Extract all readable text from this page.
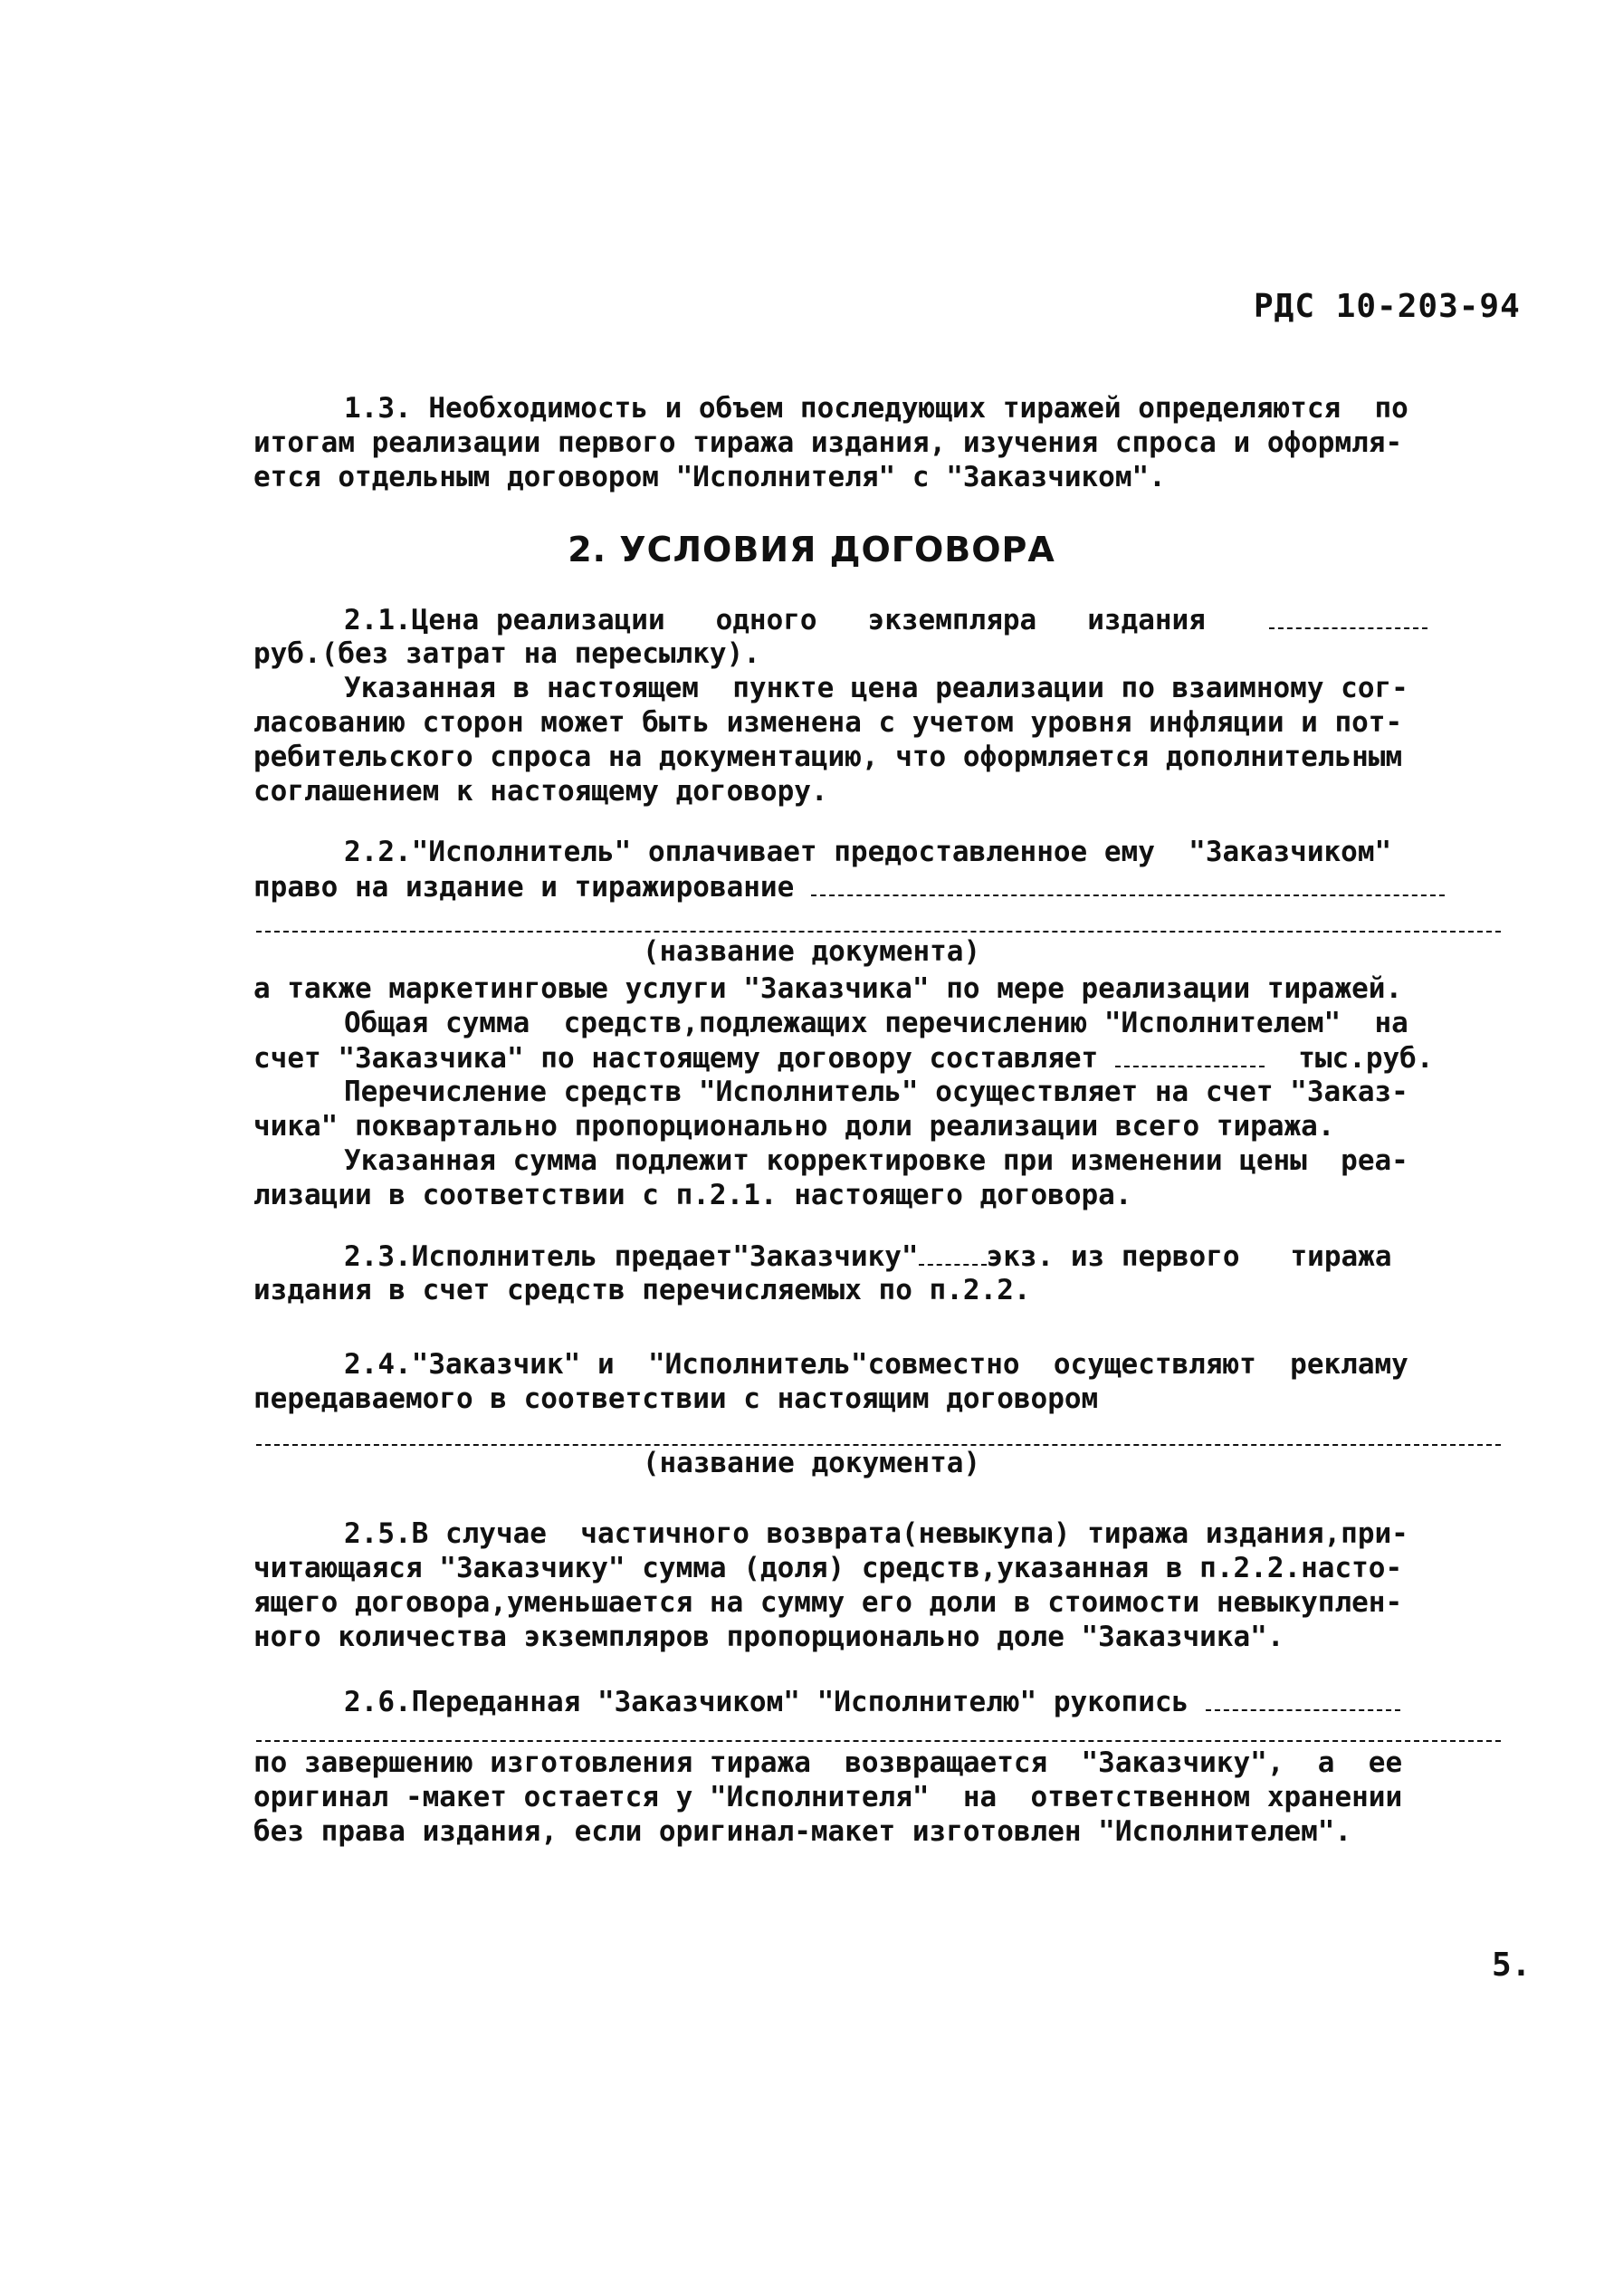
РДС 10-203-94
1.3. Необходимость и объем последующих тиражей определяются  по
итогам реализации первого тиража издания, изучения спроса и оформля-
ется отдельным договором "Исполнителя" с "Заказчиком".
2. УСЛОВИЯ ДОГОВОРА
2.1.Цена реализации   одного   экземпляра   издания
руб.(без затрат на пересылку).
Указанная в настоящем  пункте цена реализации по взаимному сог-
ласованию сторон может быть изменена с учетом уровня инфляции и пот-
ребительского спроса на документацию, что оформляется дополнительным
соглашением к настоящему договору.
2.2."Исполнитель" оплачивает предоставленное ему  "Заказчиком"
право на издание и тиражирование
(название документа)
а также маркетинговые услуги "Заказчика" по мере реализации тиражей.
Общая сумма  средств,подлежащих перечислению "Исполнителем"  на
счет "Заказчика" по настоящему договору составляет	тыс.руб.
Перечисление средств "Исполнитель" осуществляет на счет "Заказ-
чика" поквартально пропорционально доли реализации всего тиража.
Указанная сумма подлежит корректировке при изменении цены  реа-
лизации в соответствии с п.2.1. настоящего договора.
2.3.Исполнитель предает"Заказчику" экз. из первого   тиража
издания в счет средств перечисляемых по п.2.2.
2.4."Заказчик" и  "Исполнитель"совместно  осуществляют  рекламу
передаваемого в соответствии с настоящим договором
(название документа)
2.5.В случае  частичного возврата(невыкупа) тиража издания,при-
читающаяся "Заказчику" сумма (доля) средств,указанная в п.2.2.насто-
ящего договора,уменьшается на сумму его доли в стоимости невыкуплен-
ного количества экземпляров пропорционально доле "Заказчика".
2.6.Переданная "Заказчиком" "Исполнителю" рукопись
по завершению изготовления тиража  возвращается  "Заказчику",  а  ее
оригинал -макет остается у "Исполнителя"  на  ответственном хранении
без права издания, если оригинал-макет изготовлен "Исполнителем".
5.
